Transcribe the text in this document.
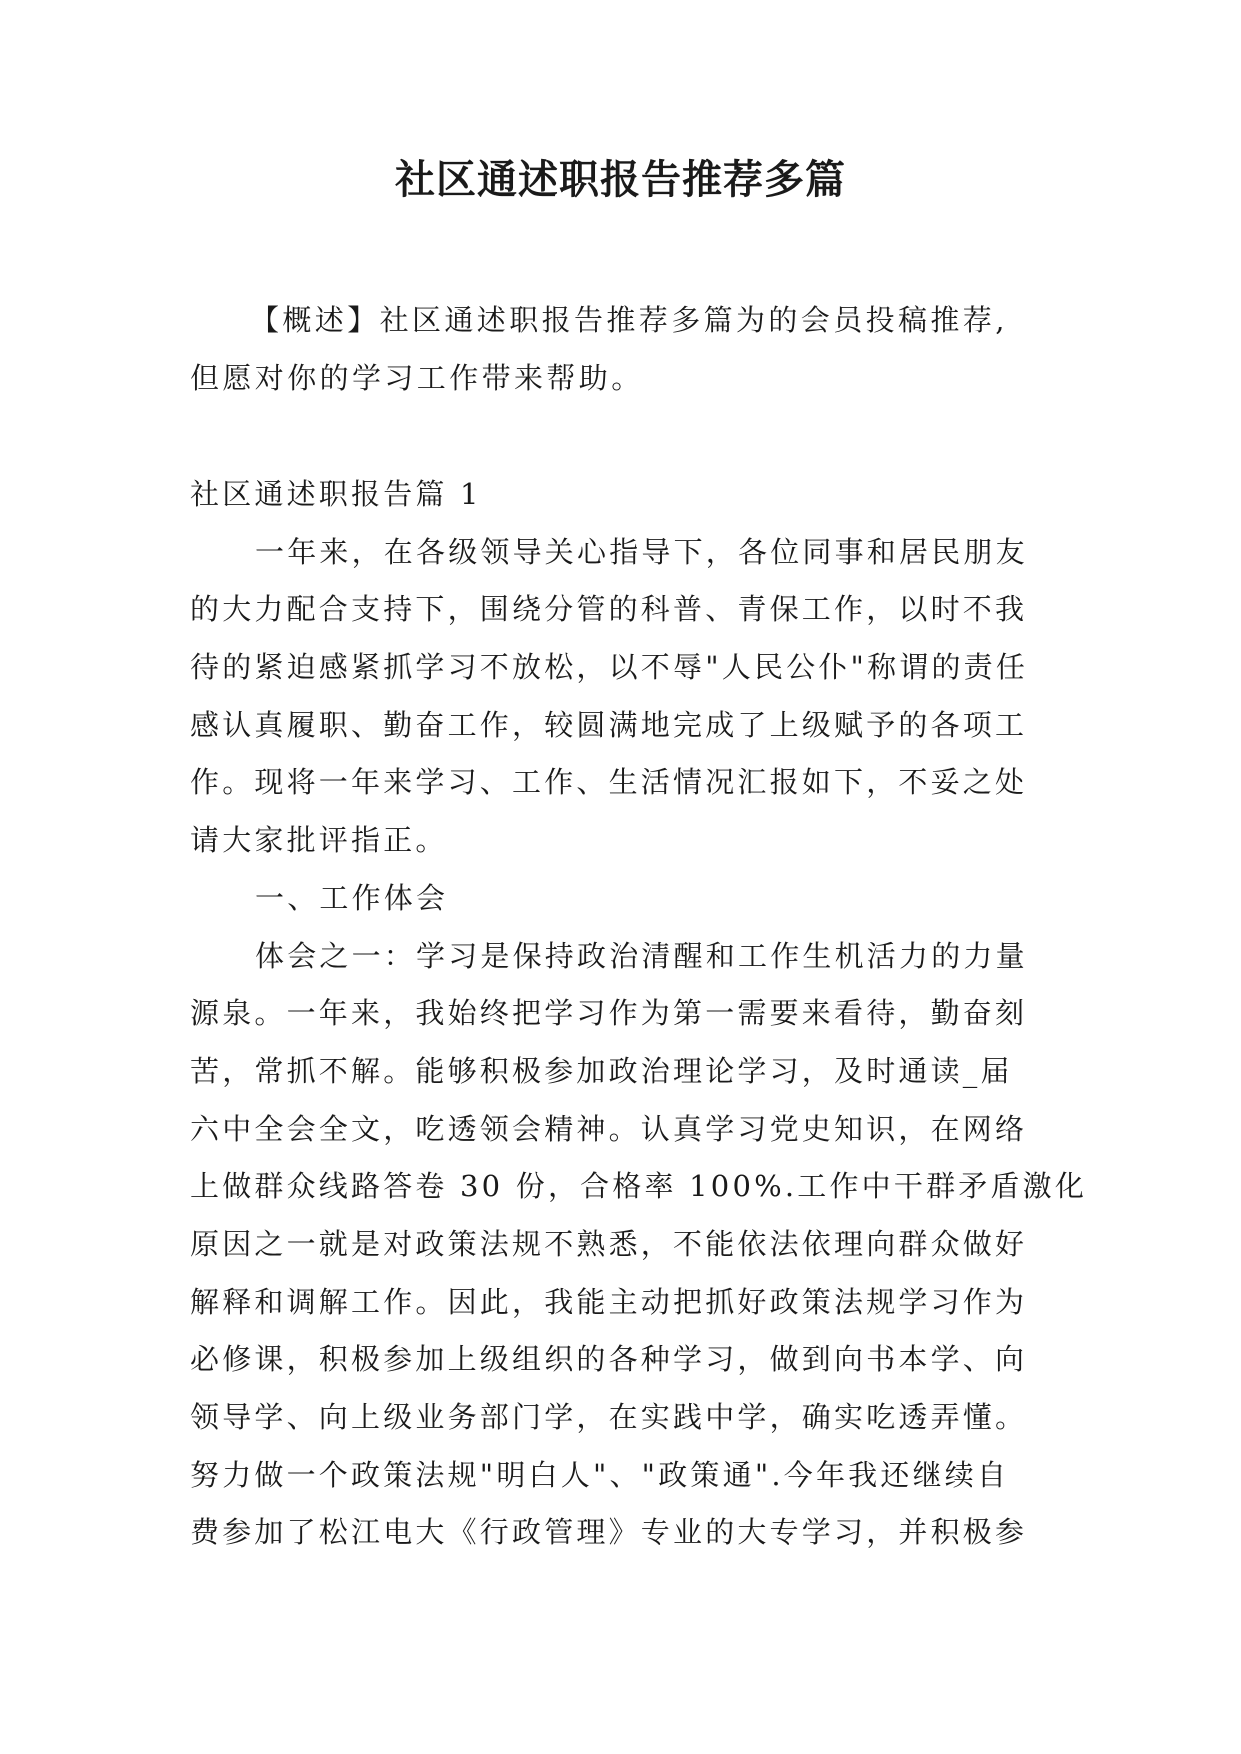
社区通述职报告推荐多篇
【概述】社区通述职报告推荐多篇为的会员投稿推荐,
但愿对你的学习工作带来帮助。
社区通述职报告篇 1
一年来，在各级领导关心指导下，各位同事和居民朋友
的大力配合支持下，围绕分管的科普、青保工作，以时不我
待的紧迫感紧抓学习不放松，以不辱"人民公仆"称谓的责任
感认真履职、勤奋工作，较圆满地完成了上级赋予的各项工
作。现将一年来学习、工作、生活情况汇报如下，不妥之处
请大家批评指正。
一、工作体会
体会之一：学习是保持政治清醒和工作生机活力的力量
源泉。一年来，我始终把学习作为第一需要来看待，勤奋刻
苦，常抓不解。能够积极参加政治理论学习，及时通读_届
六中全会全文，吃透领会精神。认真学习党史知识，在网络
上做群众线路答卷 30 份，合格率 100%.工作中干群矛盾激化
原因之一就是对政策法规不熟悉，不能依法依理向群众做好
解释和调解工作。因此，我能主动把抓好政策法规学习作为
必修课，积极参加上级组织的各种学习，做到向书本学、向
领导学、向上级业务部门学，在实践中学，确实吃透弄懂。
努力做一个政策法规"明白人"、"政策通".今年我还继续自
费参加了松江电大《行政管理》专业的大专学习，并积极参
